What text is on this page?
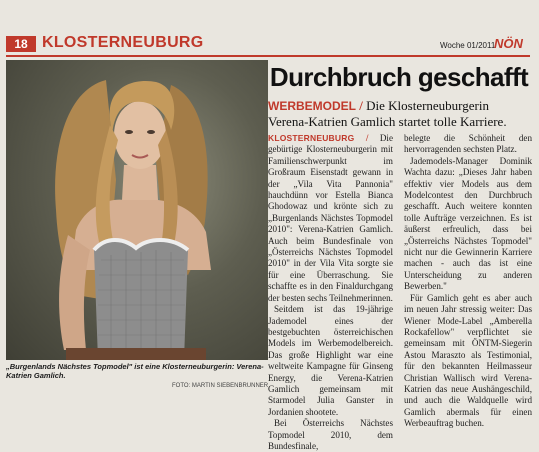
18 KLOSTERNEUBURG	Woche 01/2011
NÖN
„Burgenlands Nächstes Topmodel" ist eine Klosterneuburgerin: Verena-Katrien Gamlich.
FOTO: MARTIN SIEBENBRUNNER
Durchbruch geschafft
WERBEMODEL / Die Klosterneuburgerin Verena-Katrien Gamlich startet tolle Karriere.

KLOSTERNEUBURG / Die gebürtige Klosterneuburgerin mit Familienschwerpunkt im Großraum Eisenstadt gewann in der „Vila Vita Pannonia" hauchdünn vor Estella Bianca Ghodowaz und krönte sich zu „Burgenlands Nächstes Topmodel 2010": Verena-Katrien Gamlich. Auch beim Bundesfinale von „Österreichs Nächstes Topmodel 2010" in der Vila Vita sorgte sie für eine Überraschung. Sie schaffte es in den Finaldurchgang der besten sechs Teilnehmerinnen.

Seitdem ist das 19-jährige Jademodel eines der bestgebuchten österreichischen Models im Werbemodelbereich. Das große Highlight war eine weltweite Kampagne für Ginseng Energy, die Verena-Katrien Gamlich gemeinsam mit Starmodel Julia Ganster in Jordanien shootete.

Bei Österreichs Nächstes Topmodel 2010, dem Bundesfinale,

belegte die Schönheit den hervorragenden sechsten Platz.

Jademodels-Manager Dominik Wachta dazu: „Dieses Jahr haben effektiv vier Models aus dem Modelcontest den Durchbruch geschafft. Auch weitere konnten tolle Aufträge verzeichnen. Es ist äußerst erfreulich, dass bei „Österreichs Nächstes Topmodel" nicht nur die Gewinnerin Karriere machen - auch das ist eine Unterscheidung zu anderen Bewerben."

Für Gamlich geht es aber auch im neuen Jahr stressig weiter: Das Wiener Mode-Label „Amberella Rockafellow" verpflichtet sie gemeinsam mit ÖNTM-Siegerin Astou Maraszto als Testimonial, für den bekannten Heilmasseur Christian Wallisch wird Verena-Katrien das neue Aushängeschild, und auch die Waldquelle wird Gamlich abermals für einen Werbeauftrag buchen.
